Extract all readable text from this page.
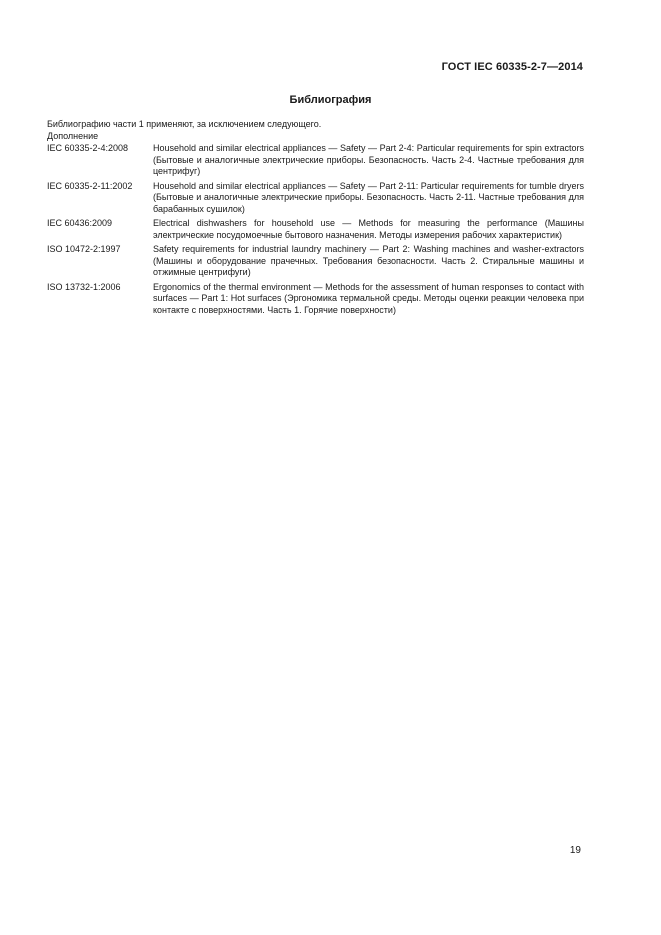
ГОСТ IEC 60335-2-7—2014
Библиография
Библиографию части 1 применяют, за исключением следующего.
Дополнение
IEC 60335-2-4:2008	Household and similar electrical appliances — Safety — Part 2-4: Particular requirements for spin extractors (Бытовые и аналогичные электрические приборы. Безопасность. Часть 2-4. Частные требования для центрифуг)
IEC 60335-2-11:2002	Household and similar electrical appliances — Safety — Part 2-11: Particular requirements for tumble dryers (Бытовые и аналогичные электрические приборы. Безопасность. Часть 2-11. Частные требования для барабанных сушилок)
IEC 60436:2009	Electrical dishwashers for household use — Methods for measuring the performance (Машины электрические посудомоечные бытового назначения. Методы измерения рабочих характеристик)
ISO 10472-2:1997	Safety requirements for industrial laundry machinery — Part 2: Washing machines and washer-extractors (Машины и оборудование прачечных. Требования безопасности. Часть 2. Стиральные машины и отжимные центрифуги)
ISO 13732-1:2006	Ergonomics of the thermal environment — Methods for the assessment of human responses to contact with surfaces — Part 1: Hot surfaces (Эргономика термальной среды. Методы оценки реакции человека при контакте с поверхностями. Часть 1. Горячие поверхности)
19
